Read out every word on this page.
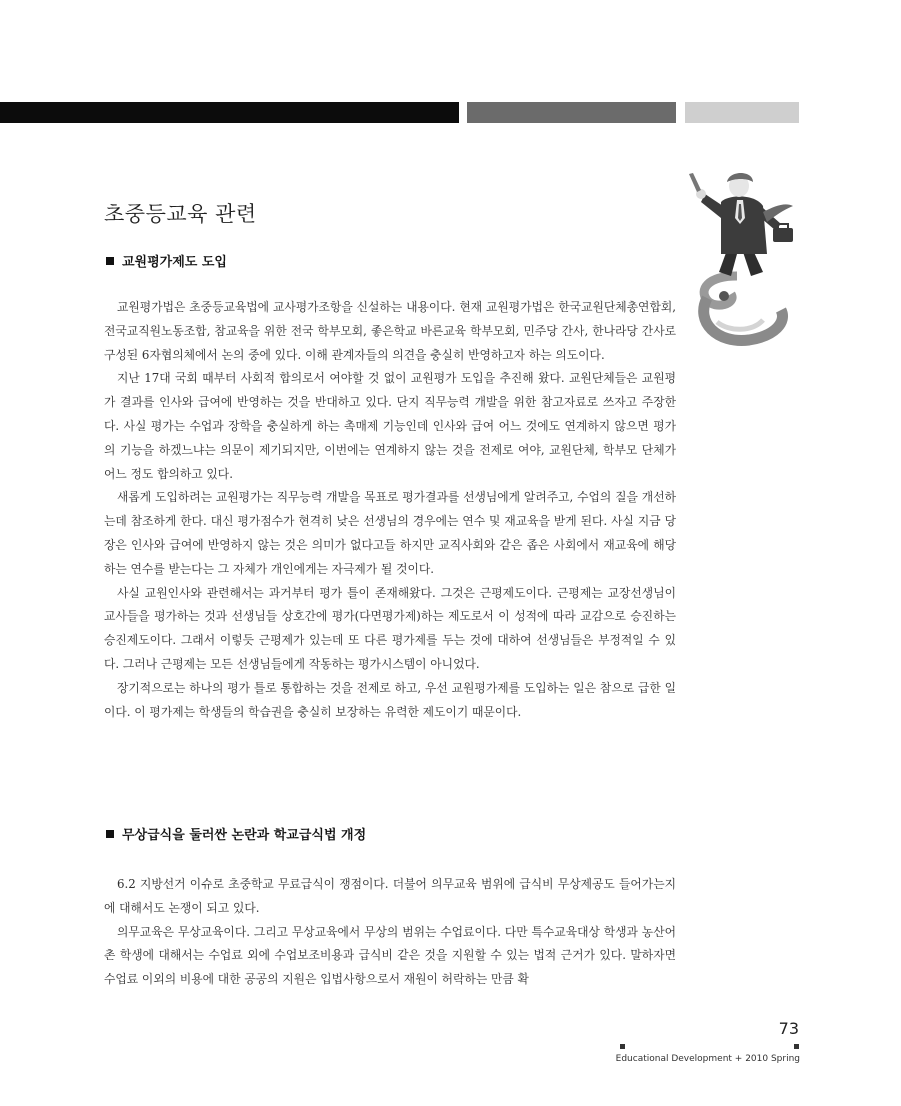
초중등교육 관련
교원평가제도 도입

교원평가법은 초중등교육법에 교사평가조항을 신설하는 내용이다. 현재 교원평가법은 한국교원단체총연합회, 전국교직원노동조합, 참교육을 위한 전국 학부모회, 좋은학교 바른교육 학부모회, 민주당 간사, 한나라당 간사로 구성된 6자협의체에서 논의 중에 있다. 이해 관계자들의 의견을 충실히 반영하고자 하는 의도이다.

지난 17대 국회 때부터 사회적 합의로서 여야할 것 없이 교원평가 도입을 추진해 왔다. 교원단체들은 교원평가 결과를 인사와 급여에 반영하는 것을 반대하고 있다. 단지 직무능력 개발을 위한 참고자료로 쓰자고 주장한다. 사실 평가는 수업과 장학을 충실하게 하는 촉매제 기능인데 인사와 급여 어느 것에도 연계하지 않으면 평가의 기능을 하겠느냐는 의문이 제기되지만, 이번에는 연계하지 않는 것을 전제로 여야, 교원단체, 학부모 단체가 어느 정도 합의하고 있다.

새롭게 도입하려는 교원평가는 직무능력 개발을 목표로 평가결과를 선생님에게 알려주고, 수업의 질을 개선하는데 참조하게 한다. 대신 평가점수가 현격히 낮은 선생님의 경우에는 연수 및 재교육을 받게 된다. 사실 지금 당장은 인사와 급여에 반영하지 않는 것은 의미가 없다고들 하지만 교직사회와 같은 좁은 사회에서 재교육에 해당하는 연수를 받는다는 그 자체가 개인에게는 자극제가 될 것이다.

사실 교원인사와 관련해서는 과거부터 평가 틀이 존재해왔다. 그것은 근평제도이다. 근평제는 교장선생님이 교사들을 평가하는 것과 선생님들 상호간에 평가(다면평가제)하는 제도로서 이 성적에 따라 교감으로 승진하는 승진제도이다. 그래서 이렇듯 근평제가 있는데 또 다른 평가제를 두는 것에 대하여 선생님들은 부정적일 수 있다. 그러나 근평제는 모든 선생님들에게 작동하는 평가시스템이 아니었다.

장기적으로는 하나의 평가 틀로 통합하는 것을 전제로 하고, 우선 교원평가제를 도입하는 일은 참으로 급한 일이다. 이 평가제는 학생들의 학습권을 충실히 보장하는 유력한 제도이기 때문이다.

무상급식을 둘러싼 논란과 학교급식법 개정

6.2 지방선거 이슈로 초중학교 무료급식이 쟁점이다. 더불어 의무교육 범위에 급식비 무상제공도 들어가는지에 대해서도 논쟁이 되고 있다.

의무교육은 무상교육이다. 그리고 무상교육에서 무상의 범위는 수업료이다. 다만 특수교육대상 학생과 농산어촌 학생에 대해서는 수업료 외에 수업보조비용과 급식비 같은 것을 지원할 수 있는 법적 근거가 있다. 말하자면 수업료 이외의 비용에 대한 공공의 지원은 입법사항으로서 재원이 허락하는 만큼 확

73
Educational Development + 2010 Spring
